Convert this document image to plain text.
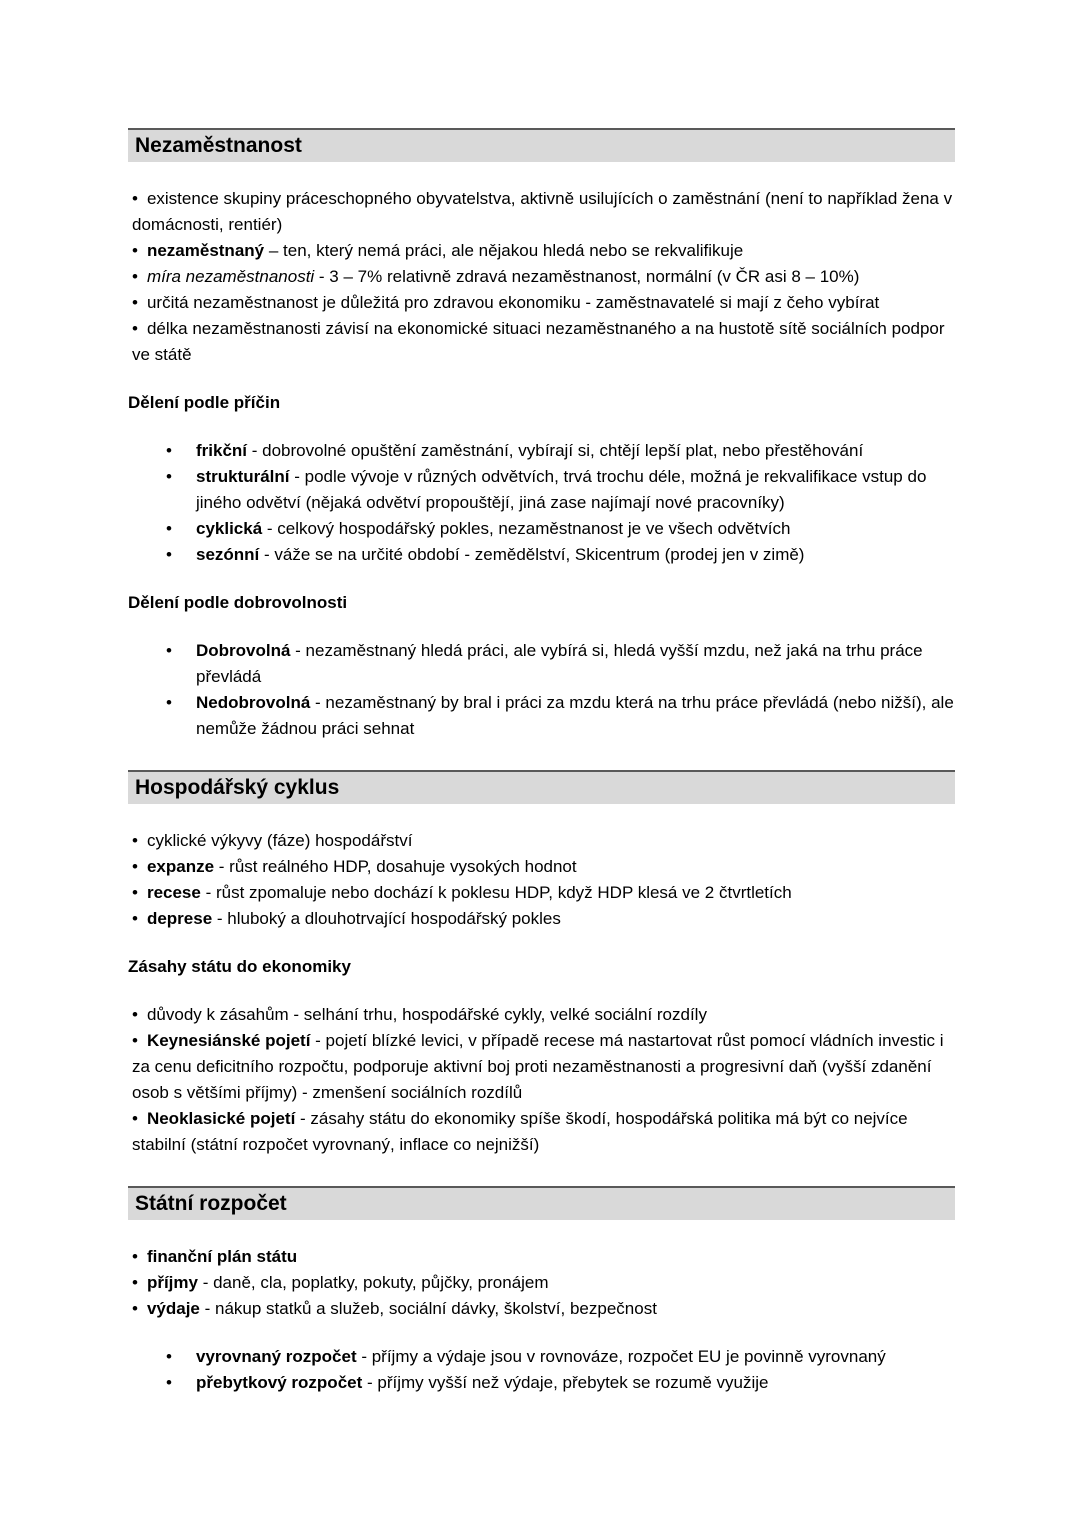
Nezaměstnanost
• existence skupiny práceschopného obyvatelstva, aktivně usilujících o zaměstnání (není to například žena v domácnosti, rentiér)
• nezaměstnaný – ten, který nemá práci, ale nějakou hledá nebo se rekvalifikuje
• míra nezaměstnanosti - 3 – 7% relativně zdravá nezaměstnanost, normální (v ČR asi 8 – 10%)
• určitá nezaměstnanost je důležitá pro zdravou ekonomiku - zaměstnavatelé si mají z čeho vybírat
• délka nezaměstnanosti závisí na ekonomické situaci nezaměstnaného a na hustotě sítě sociálních podpor ve státě
Dělení podle příčin
• frikční - dobrovolné opuštění zaměstnání, vybírají si, chtějí lepší plat, nebo přestěhování
• strukturální - podle vývoje v různých odvětvích, trvá trochu déle, možná je rekvalifikace vstup do jiného odvětví (nějaká odvětví propouštějí, jiná zase najímají nové pracovníky)
• cyklická - celkový hospodářský pokles, nezaměstnanost je ve všech odvětvích
• sezónní - váže se na určité období - zemědělství, Skicentrum (prodej jen v zimě)
Dělení podle dobrovolnosti
• Dobrovolná - nezaměstnaný hledá práci, ale vybírá si, hledá vyšší mzdu, než jaká na trhu práce převládá
• Nedobrovolná - nezaměstnaný by bral i práci za mzdu která na trhu práce převládá (nebo nižší), ale nemůže žádnou práci sehnat
Hospodářský cyklus
• cyklické výkyvy (fáze) hospodářství
• expanze - růst reálného HDP, dosahuje vysokých hodnot
• recese - růst zpomaluje nebo dochází k poklesu HDP, když HDP klesá ve 2 čtvrtletích
• deprese - hluboký a dlouhotrvající hospodářský pokles
Zásahy státu do ekonomiky
• důvody k zásahům - selhání trhu, hospodářské cykly, velké sociální rozdíly
• Keynesiánské pojetí - pojetí blízké levici, v případě recese má nastartovat růst pomocí vládních investic i za cenu deficitního rozpočtu, podporuje aktivní boj proti nezaměstnanosti a progresivní daň (vyšší zdanění osob s většími příjmy) - zmenšení sociálních rozdílů
• Neoklasické pojetí - zásahy státu do ekonomiky spíše škodí, hospodářská politika má být co nejvíce stabilní (státní rozpočet vyrovnaný, inflace co nejnižší)
Státní rozpočet
• finanční plán státu
• příjmy - daně, cla, poplatky, pokuty, půjčky, pronájem
• výdaje - nákup statků a služeb, sociální dávky, školství, bezpečnost
• vyrovnaný rozpočet - příjmy a výdaje jsou v rovnováze, rozpočet EU je povinně vyrovnaný
• přebytkový rozpočet - příjmy vyšší než výdaje, přebytek se rozumě využije
